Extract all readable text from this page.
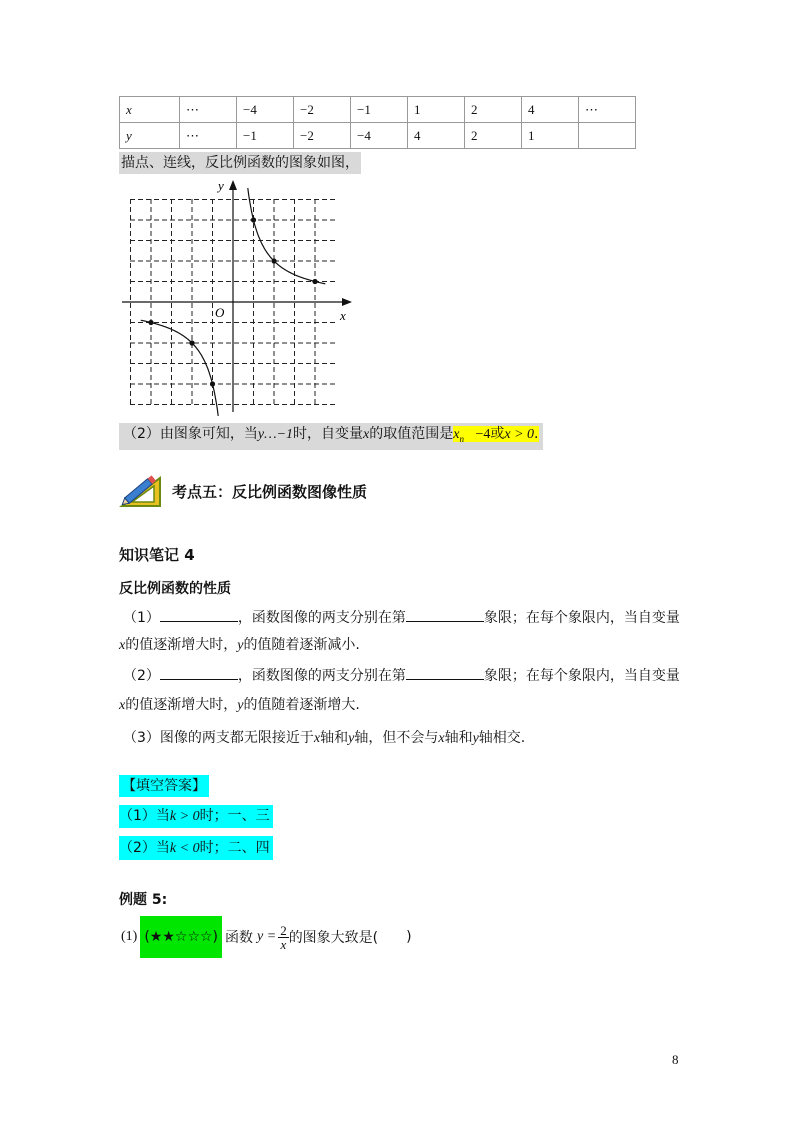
x	⋯	−4	−2	−1	1	2	4	⋯
y	⋯	−1	−2	−4	4	2	1	
描点、连线，反比例函数的图象如图，
x
y
O
（2）由图象可知，当y…−1时，自变量x的取值范围是$x_n -4$或x > 0.
考点五：反比例函数图像性质
知识笔记 4
反比例函数的性质
（1）	，函数图像的两支分别在第	象限；在每个象限内，当自变量
x的值逐渐增大时，y的值随着逐渐减小.
（2）	，函数图像的两支分别在第	象限；在每个象限内，当自变量
x的值逐渐增大时，y的值随着逐渐增大.
（3）图像的两支都无限接近于x轴和y轴，但不会与x轴和y轴相交.
【填空答案】
（1）当k > 0时；一、三
（2）当k < 0时；二、四
例题 5:
(1) (★★☆☆☆) 函数 $y = \frac{2}{x}$ 的图象大致是(	)
8
